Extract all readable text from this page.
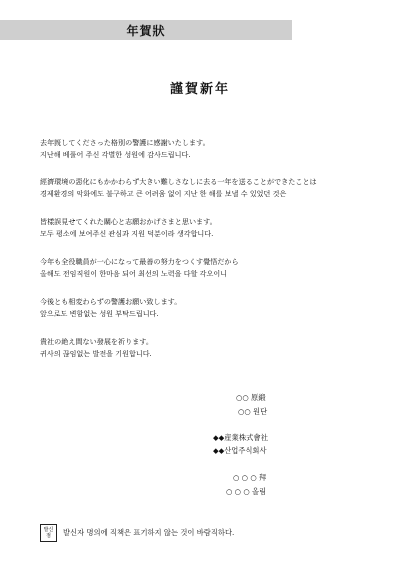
年賀狀
謹賀新年
去年旣してくださった格別の警護に感謝いたします。
지난해 베풀어 주신 각별한 성원에 감사드립니다.
經濟環境の惡化にもかかわらず大きい難しさなしに去る一年を送ることができたことは
경제환경의 악화에도 불구하고 큰 어려움 없이 지난 한 해를 보낼 수 있었던 것은
皆樣誤見せてくれた關心と志願おかげさまと思います。
모두 평소에 보여주신 관심과 지원 덕분이라 생각합니다.
今年も全役職員が一心になって最善の努力をつくす覺悟だから
올해도 전임직원이 한마음 되어 최선의 노력을 다할 각오이니
今後とも相変わらずの警護お願い致します。
앞으로도 변함없는 성원 부탁드립니다.
貴社の絶え間ない發展を祈ります。
귀사의 끊임없는 발전을 기원합니다.
○○ 原緞
○○ 원단
◆◆産業株式會社
◆◆산업주식회사
○ ○ ○ 拜
○ ○ ○ 올림
발신
점 발신자 명의에 직책은 표기하지 않는 것이 바람직하다.
